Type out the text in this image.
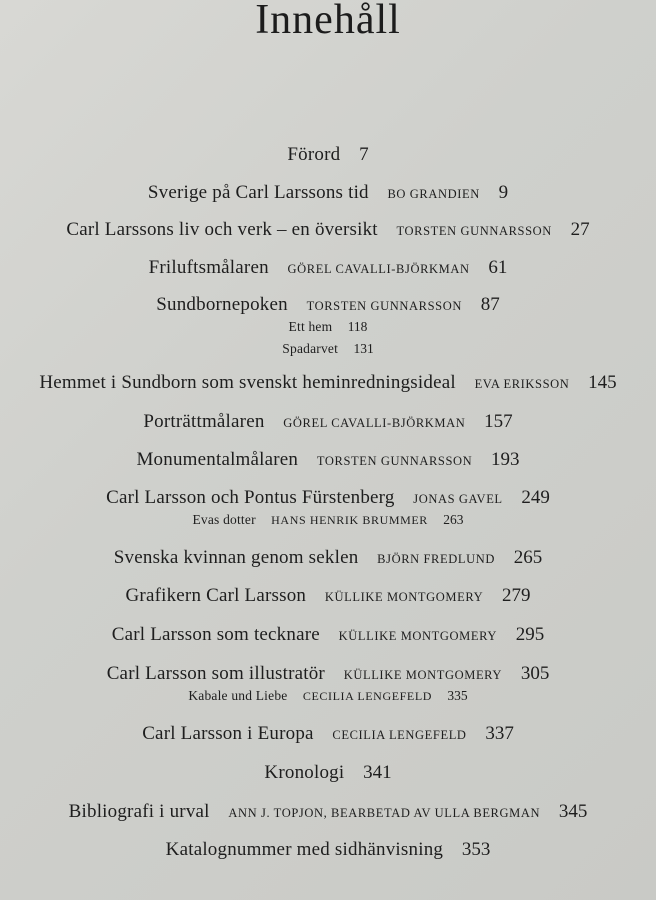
Innehåll
Förord 7
Sverige på Carl Larssons tid BO GRANDIEN 9
Carl Larssons liv och verk – en översikt TORSTEN GUNNARSSON 27
Friluftsmålaren GÖREL CAVALLI-BJÖRKMAN 61
Sundbornepoken TORSTEN GUNNARSSON 87
Ett hem 118
Spadarvet 131
Hemmet i Sundborn som svenskt heminredningsideal EVA ERIKSSON 145
Porträttmålaren GÖREL CAVALLI-BJÖRKMAN 157
Monumentalmålaren TORSTEN GUNNARSSON 193
Carl Larsson och Pontus Fürstenberg JONAS GAVEL 249
Evas dotter HANS HENRIK BRUMMER 263
Svenska kvinnan genom seklen BJÖRN FREDLUND 265
Grafikern Carl Larsson KÜLLIKE MONTGOMERY 279
Carl Larsson som tecknare KÜLLIKE MONTGOMERY 295
Carl Larsson som illustratör KÜLLIKE MONTGOMERY 305
Kabale und Liebe CECILIA LENGEFELD 335
Carl Larsson i Europa CECILIA LENGEFELD 337
Kronologi 341
Bibliografi i urval ANN J. TOPJON, BEARBETAD AV ULLA BERGMAN 345
Katalognummer med sidhänvisning 353
